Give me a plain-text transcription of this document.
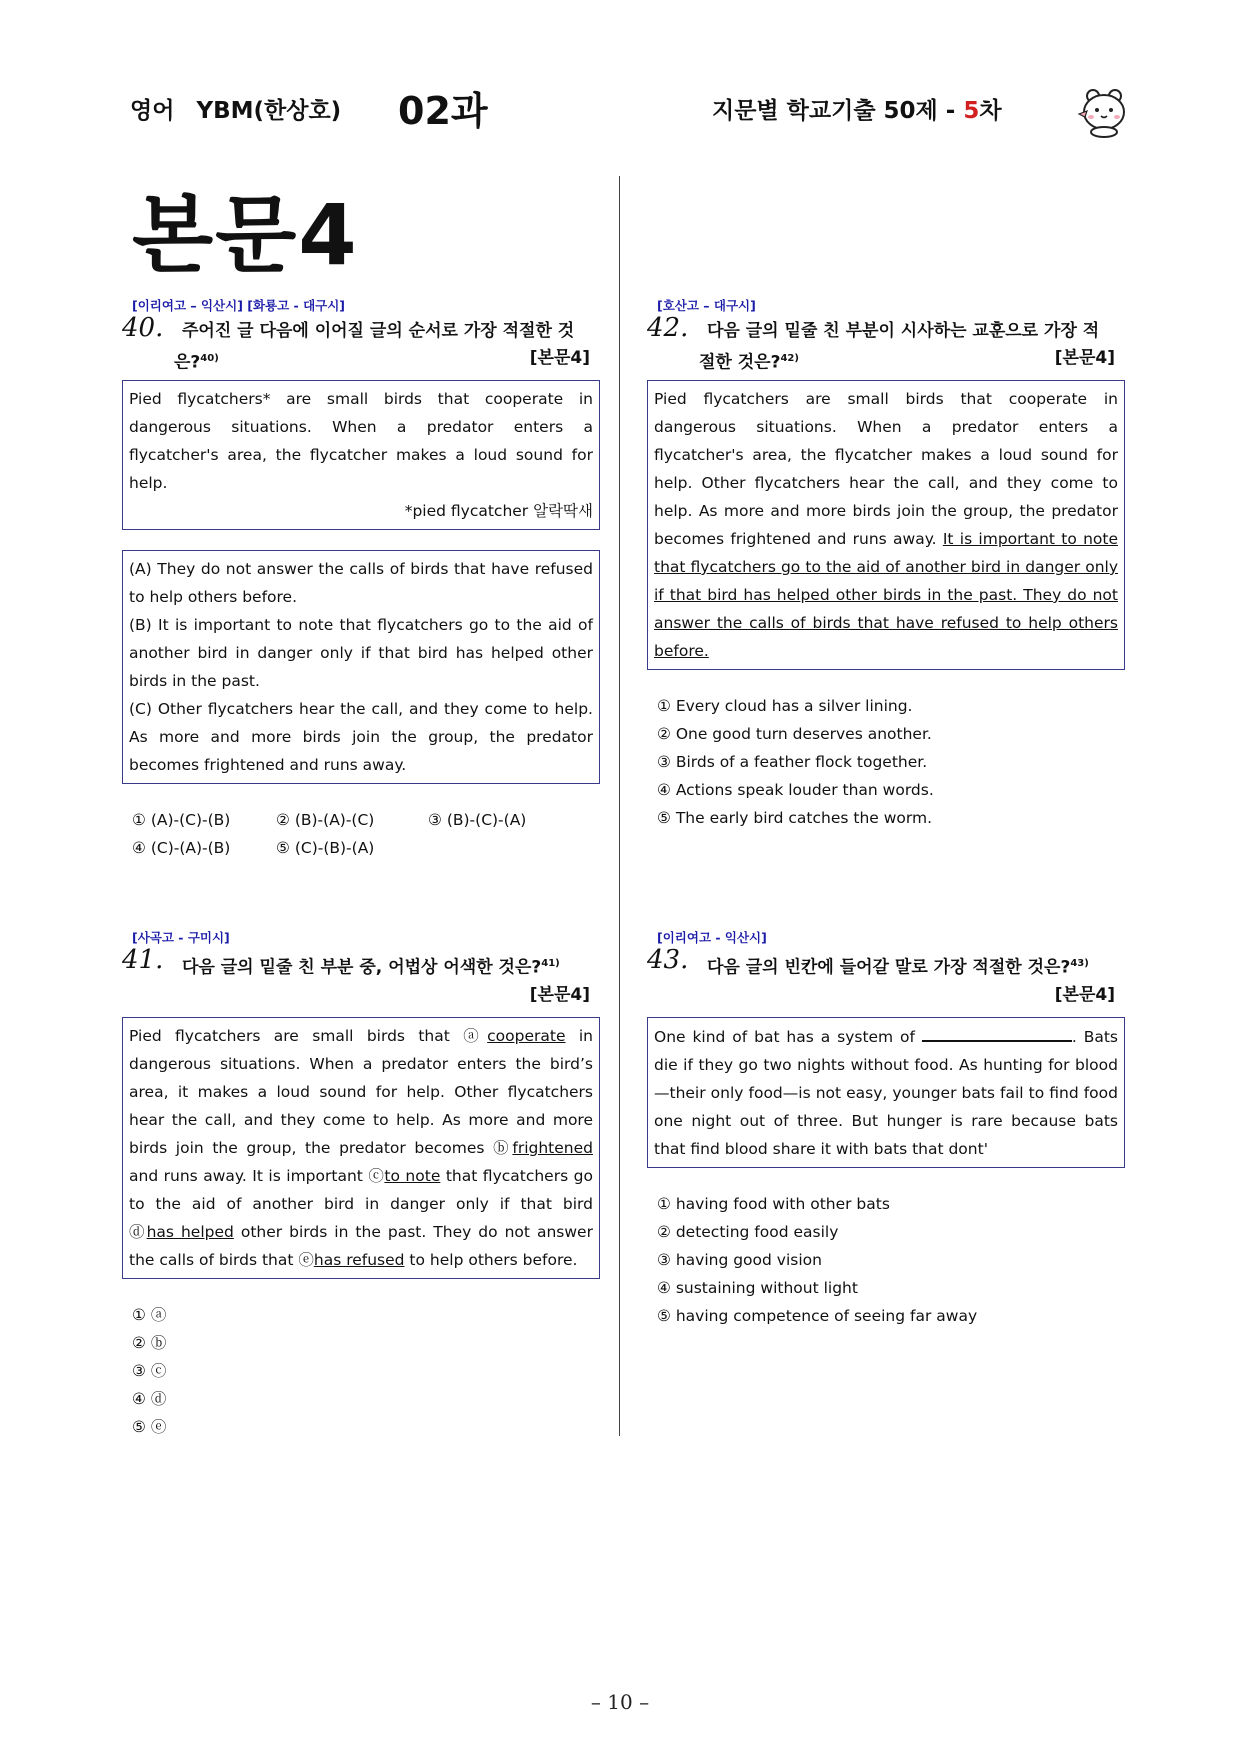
영어 YBM(한상호) 02과	지문별 학교기출 50제 - 5차
본문4
[이리여고 – 익산시] [화룡고 - 대구시]
40. 주어진 글 다음에 이어질 글의 순서로 가장 적절한 것
은?$^{40)}$	[본문4]
Pied flycatchers* are small birds that cooperate in dangerous situations. When a predator enters a flycatcher's area, the flycatcher makes a loud sound for help.
*pied flycatcher 알락딱새
(A) They do not answer the calls of birds that have refused to help others before.
(B) It is important to note that flycatchers go to the aid of another bird in danger only if that bird has helped other birds in the past.
(C) Other flycatchers hear the call, and they come to help. As more and more birds join the group, the predator becomes frightened and runs away.
① (A)-(C)-(B)	② (B)-(A)-(C)	③ (B)-(C)-(A)
④ (C)-(A)-(B)	⑤ (C)-(B)-(A)
[사곡고 - 구미시]
41. 다음 글의 밑줄 친 부분 중, 어법상 어색한 것은?$^{41)}$
[본문4]
Pied flycatchers are small birds that ⓐcooperate in dangerous situations. When a predator enters the bird’s area, it makes a loud sound for help. Other flycatchers hear the call, and they come to help. As more and more birds join the group, the predator becomes ⓑfrightened and runs away. It is important ⓒto note that flycatchers go to the aid of another bird in danger only if that bird ⓓhas helped other birds in the past. They do not answer the calls of birds that ⓔhas refused to help others before.
① ⓐ
② ⓑ
③ ⓒ
④ ⓓ
⑤ ⓔ
[호산고 – 대구시]
42. 다음 글의 밑줄 친 부분이 시사하는 교훈으로 가장 적
절한 것은?$^{42)}$	[본문4]
Pied flycatchers are small birds that cooperate in dangerous situations. When a predator enters a flycatcher's area, the flycatcher makes a loud sound for help. Other flycatchers hear the call, and they come to help. As more and more birds join the group, the predator becomes frightened and runs away. It is important to note that flycatchers go to the aid of another bird in danger only if that bird has helped other birds in the past. They do not answer the calls of birds that have refused to help others before.
① Every cloud has a silver lining.
② One good turn deserves another.
③ Birds of a feather flock together.
④ Actions speak louder than words.
⑤ The early bird catches the worm.
[이리여고 - 익산시]
43. 다음 글의 빈칸에 들어갈 말로 가장 적절한 것은?$^{43)}$
[본문4]
One kind of bat has a system of	. Bats die if they go two nights without food. As hunting for blood—their only food—is not easy, younger bats fail to find food one night out of three. But hunger is rare because bats that find blood share it with bats that dont'
① having food with other bats
② detecting food easily
③ having good vision
④ sustaining without light
⑤ having competence of seeing far away
– 10 –
